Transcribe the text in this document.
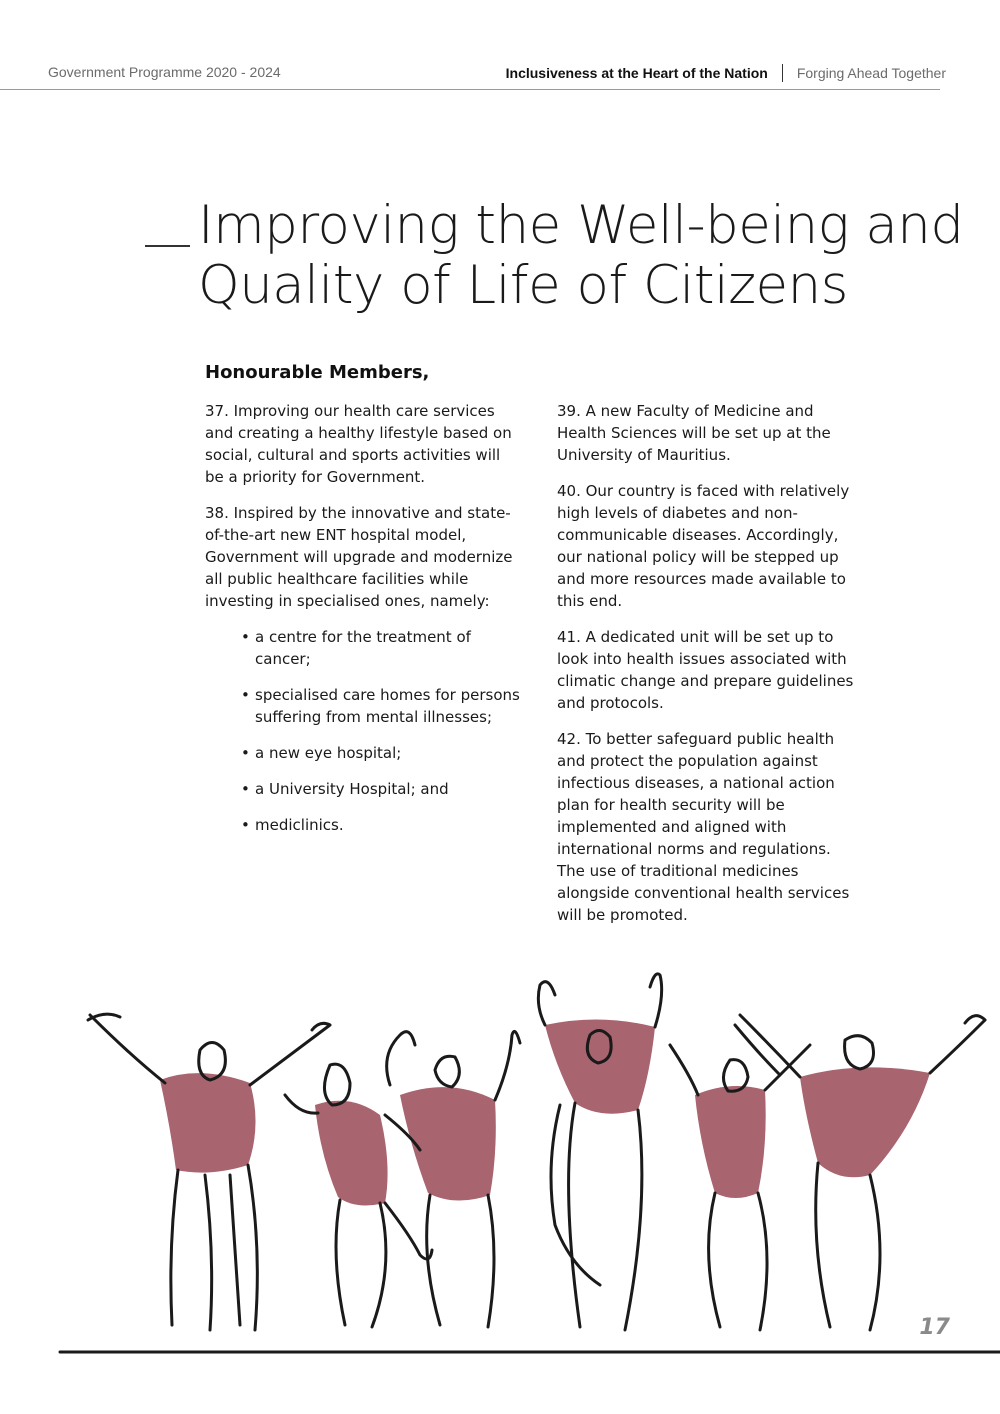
Government Programme 2020 - 2024	Inclusiveness at the Heart of the Nation Forging Ahead Together
Improving the Well-being and
Quality of Life of Citizens
Honourable Members,

37. Improving our health care services and creating a healthy lifestyle based on social, cultural and sports activities will be a priority for Government.

38. Inspired by the innovative and state-of-the-art new ENT hospital model, Government will upgrade and modernize all public healthcare facilities while investing in specialised ones, namely:

• a centre for the treatment of cancer;
• specialised care homes for persons suffering from mental illnesses;
• a new eye hospital;
• a University Hospital; and
• mediclinics.

39. A new Faculty of Medicine and Health Sciences will be set up at the University of Mauritius.

40. Our country is faced with relatively high levels of diabetes and non-communicable diseases. Accordingly, our national policy will be stepped up and more resources made available to this end.

41. A dedicated unit will be set up to look into health issues associated with climatic change and prepare guidelines and protocols.

42. To better safeguard public health and protect the population against infectious diseases, a national action plan for health security will be implemented and aligned with international norms and regulations. The use of traditional medicines alongside conventional health services will be promoted.

17
